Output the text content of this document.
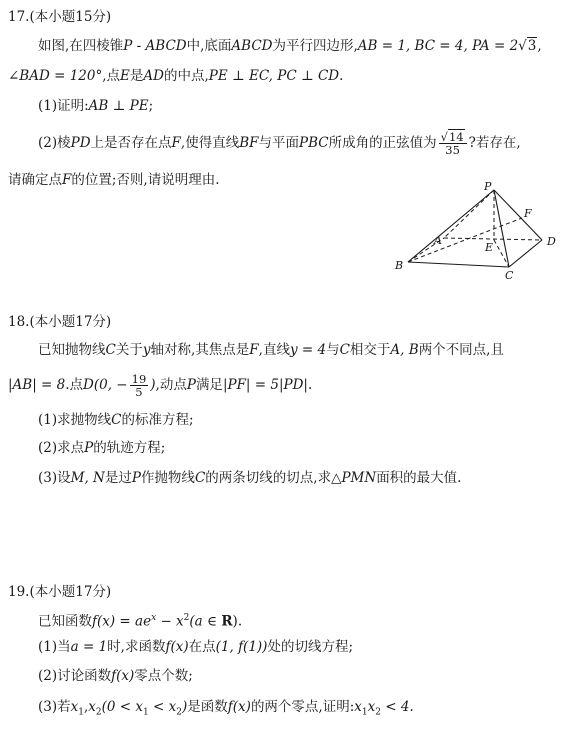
17.(本小题15分)
如图,在四棱锥P - ABCD中,底面ABCD为平行四边形,AB = 1, BC = 4, PA = 2√3,
∠BAD = 120°,点E是AD的中点,PE ⊥ EC, PC ⊥ CD.
(1)证明:AB ⊥ PE;
(2)棱PD上是否存在点F,使得直线BF与平面PBC所成角的正弦值为 $\frac{√14}{35}$ ?若存在,
请确定点F的位置;否则,请说明理由.	P
A
E
F
D
B
C
18.(本小题17分)
已知抛物线C关于y轴对称,其焦点是F,直线y = 4与C相交于A, B两个不同点,且
|AB| = 8.点D(0, − $\frac{19}{5}$ ),动点P满足|PF| = 5|PD|.
(1)求抛物线C的标准方程;
(2)求点P的轨迹方程;
(3)设M, N是过P作抛物线C的两条切线的切点,求△PMN面积的最大值.
19.(本小题17分)
已知函数$f(x) = ae^x - x^2(a$ ∈ R).
(1)当a = 1时,求函数f(x)在点(1, f(1))处的切线方程;
(2)讨论函数f(x)零点个数;
(3)若$x_1,x_2(0 < x_1 < x_2)$是函数f(x)的两个零点,证明$:x_1x_2 < 4$.
